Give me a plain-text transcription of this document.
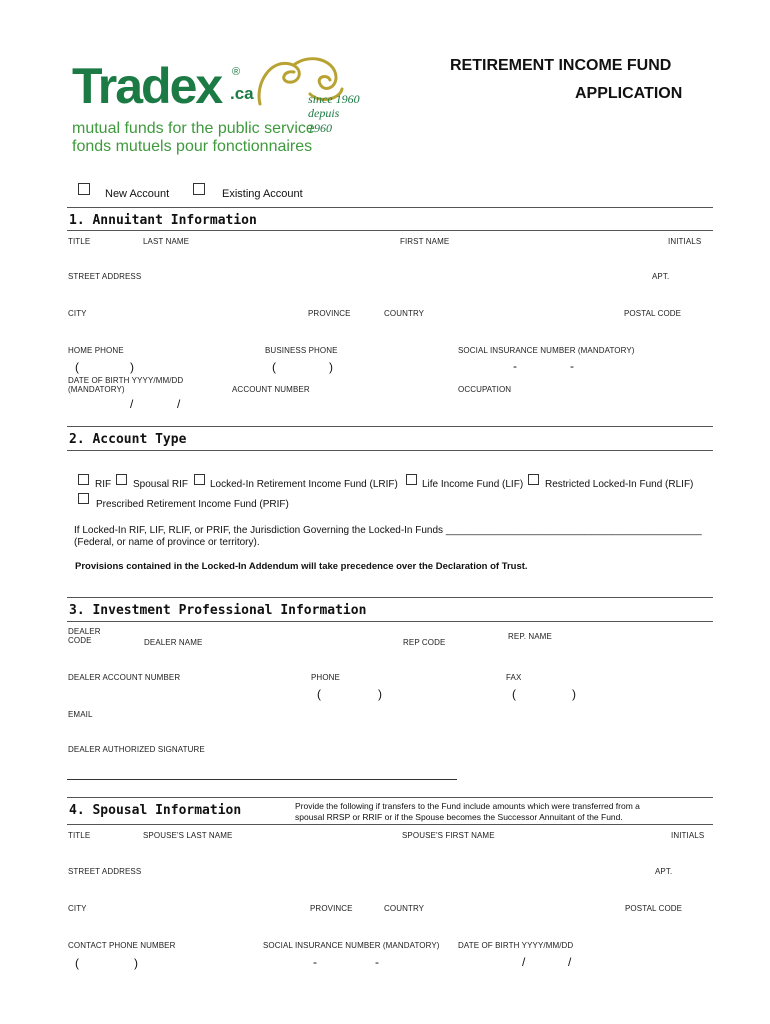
Tradex ®
.ca	since 1960
depuis 1960
mutual funds for the public service
fonds mutuels pour fonctionnaires
RETIREMENT INCOME FUND
APPLICATION
New Account	Existing Account
1. Annuitant Information
TITLE	LAST NAME	FIRST NAME	INITIALS
STREET ADDRESS	APT.
CITY	PROVINCE	COUNTRY	POSTAL CODE
HOME PHONE	BUSINESS PHONE	SOCIAL INSURANCE NUMBER (MANDATORY)
(	)	(	)	-	-
DATE OF BIRTH YYYY/MM/DD
(MANDATORY)	ACCOUNT NUMBER	OCCUPATION
/	/
2. Account Type
RIF Spousal RIF Locked-In Retirement Income Fund (LRIF) Life Income Fund (LIF) Restricted Locked-In Fund (RLIF)
Prescribed Retirement Income Fund (PRIF)
If Locked-In RIF, LIF, RLIF, or PRIF, the Jurisdiction Governing the Locked-In Funds ______________________________________________
(Federal, or name of province or territory).
Provisions contained in the Locked-In Addendum will take precedence over the Declaration of Trust.
3. Investment Professional Information
DEALER
CODE	DEALER NAME	REP CODE
REP. NAME
DEALER ACCOUNT NUMBER	PHONE	FAX
(	)	(	)
EMAIL
DEALER AUTHORIZED SIGNATURE
4. Spousal Information	Provide the following if transfers to the Fund include amounts which were transferred from a
spousal RRSP or RRIF or if the Spouse becomes the Successor Annuitant of the Fund.
TITLE	SPOUSE'S LAST NAME	SPOUSE'S FIRST NAME	INITIALS
STREET ADDRESS	APT.
CITY	PROVINCE	COUNTRY	POSTAL CODE
CONTACT PHONE NUMBER	SOCIAL INSURANCE NUMBER (MANDATORY) DATE OF BIRTH YYYY/MM/DD
(	)	-	-	/	/
